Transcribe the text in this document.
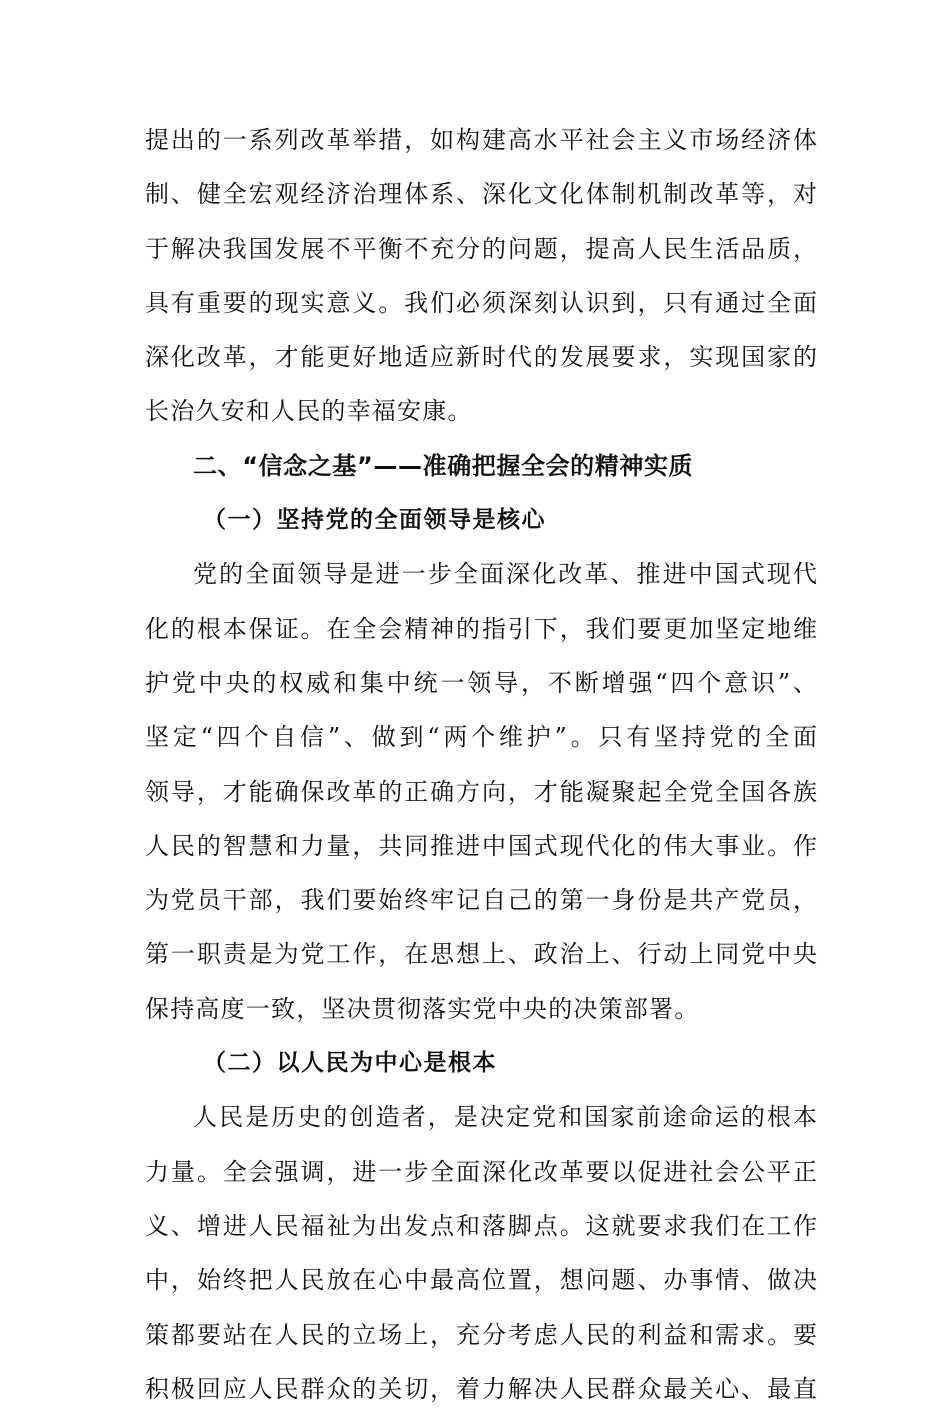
提出的一系列改革举措，如构建高水平社会主义市场经济体
制、健全宏观经济治理体系、深化文化体制机制改革等，对
于解决我国发展不平衡不充分的问题，提高人民生活品质，
具有重要的现实意义。我们必须深刻认识到，只有通过全面
深化改革，才能更好地适应新时代的发展要求，实现国家的
长治久安和人民的幸福安康。
二、“信念之基”——准确把握全会的精神实质
（一）坚持党的全面领导是核心
党的全面领导是进一步全面深化改革、推进中国式现代
化的根本保证。在全会精神的指引下，我们要更加坚定地维
护党中央的权威和集中统一领导，不断增强“四个意识”、
坚定“四个自信”、做到“两个维护”。只有坚持党的全面
领导，才能确保改革的正确方向，才能凝聚起全党全国各族
人民的智慧和力量，共同推进中国式现代化的伟大事业。作
为党员干部，我们要始终牢记自己的第一身份是共产党员，
第一职责是为党工作，在思想上、政治上、行动上同党中央
保持高度一致，坚决贯彻落实党中央的决策部署。
（二）以人民为中心是根本
人民是历史的创造者，是决定党和国家前途命运的根本
力量。全会强调，进一步全面深化改革要以促进社会公平正
义、增进人民福祉为出发点和落脚点。这就要求我们在工作
中，始终把人民放在心中最高位置，想问题、办事情、做决
策都要站在人民的立场上，充分考虑人民的利益和需求。要
积极回应人民群众的关切，着力解决人民群众最关心、最直
